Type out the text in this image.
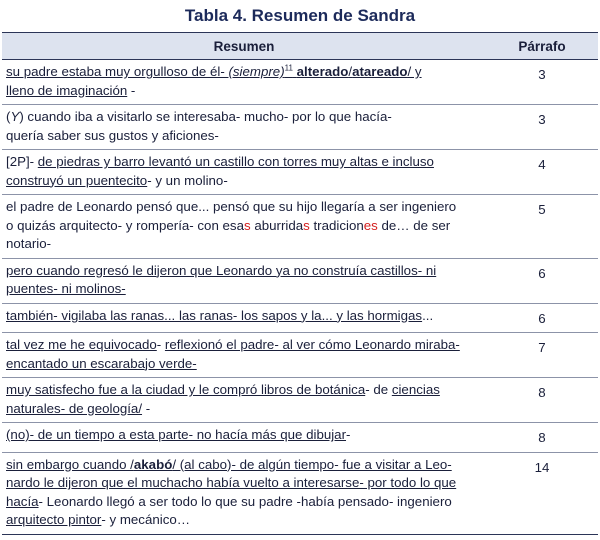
Tabla 4. Resumen de Sandra
Resumen	Párrafo
su padre estaba muy orgulloso de él- (siempre)$^{11}$ alterado/atareado/ y
lleno de imaginación -	3
(Y) cuando iba a visitarlo se interesaba- mucho- por lo que hacía-
quería saber sus gustos y aficiones-	3
[2P]- de piedras y barro levantó un castillo con torres muy altas e incluso
construyó un puentecito- y un molino-	4
el padre de Leonardo pensó que... pensó que su hijo llegaría a ser ingeniero
o quizás arquitecto- y rompería- con esas aburridas tradiciones de… de ser
notario-	5
pero cuando regresó le dijeron que Leonardo ya no construía castillos- ni
puentes- ni molinos-	6
también- vigilaba las ranas... las ranas- los sapos y la... y las hormigas...	6
tal vez me he equivocado- reflexionó el padre- al ver cómo Leonardo miraba-
encantado un escarabajo verde-	7
muy satisfecho fue a la ciudad y le compró libros de botánica- de ciencias
naturales- de geología/ -	8
(no)- de un tiempo a esta parte- no hacía más que dibujar-	8
sin embargo cuando /akabó/ (al cabo)- de algún tiempo- fue a visitar a Leo-
nardo le dijeron que el muchacho había vuelto a interesarse- por todo lo que
hacía- Leonardo llegó a ser todo lo que su padre -había pensado- ingeniero
arquitecto pintor- y mecánico…	14
